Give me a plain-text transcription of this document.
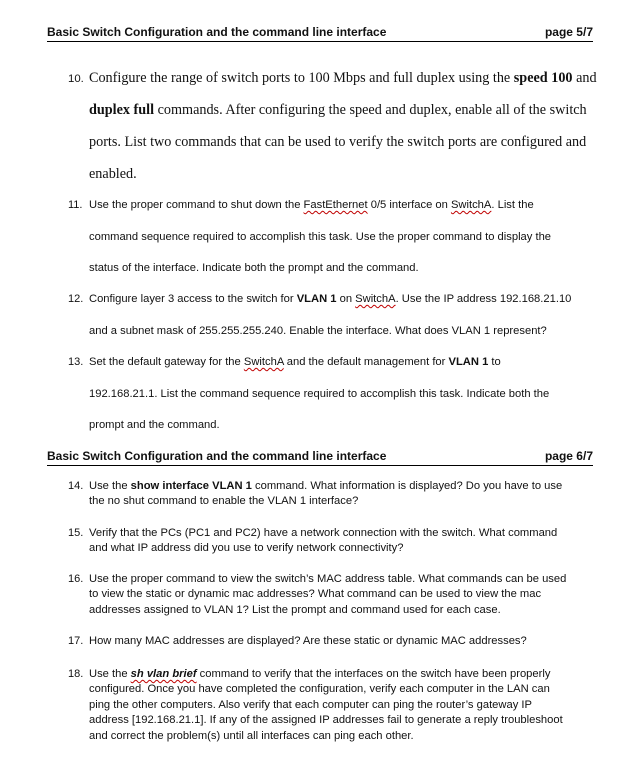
Basic Switch Configuration and the command line interface	page 5/7
10. Configure the range of switch ports to 100 Mbps and full duplex using the speed 100 and
duplex full commands. After configuring the speed and duplex, enable all of the switch
ports. List two commands that can be used to verify the switch ports are configured and
enabled.
11. Use the proper command to shut down the FastEthernet 0/5 interface on SwitchA. List the
command sequence required to accomplish this task. Use the proper command to display the
status of the interface. Indicate both the prompt and the command.
12. Configure layer 3 access to the switch for VLAN 1 on SwitchA. Use the IP address 192.168.21.10
and a subnet mask of 255.255.255.240. Enable the interface. What does VLAN 1 represent?
13. Set the default gateway for the SwitchA and the default management for VLAN 1 to
192.168.21.1. List the command sequence required to accomplish this task. Indicate both the
prompt and the command.
Basic Switch Configuration and the command line interface	page 6/7
14. Use the show interface VLAN 1 command. What information is displayed? Do you have to use
the no shut command to enable the VLAN 1 interface?
15. Verify that the PCs (PC1 and PC2) have a network connection with the switch. What command
and what IP address did you use to verify network connectivity?
16. Use the proper command to view the switch’s MAC address table. What commands can be used
to view the static or dynamic mac addresses? What command can be used to view the mac
addresses assigned to VLAN 1? List the prompt and command used for each case.
17. How many MAC addresses are displayed? Are these static or dynamic MAC addresses?
18. Use the sh vlan brief command to verify that the interfaces on the switch have been properly
configured. Once you have completed the configuration, verify each computer in the LAN can
ping the other computers. Also verify that each computer can ping the router’s gateway IP
address [192.168.21.1]. If any of the assigned IP addresses fail to generate a reply troubleshoot
and correct the problem(s) until all interfaces can ping each other.
